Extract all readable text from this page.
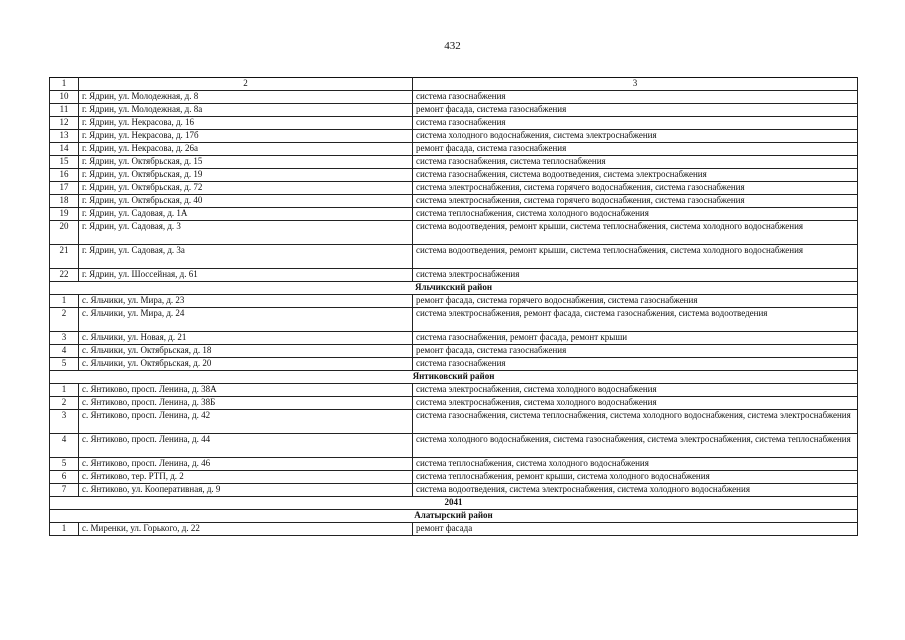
432
1	2	3
10	г. Ядрин, ул. Молодежная, д. 8	система газоснабжения
11	г. Ядрин, ул. Молодежная, д. 8а	ремонт фасада, система газоснабжения
12	г. Ядрин, ул. Некрасова, д. 16	система газоснабжения
13	г. Ядрин, ул. Некрасова, д. 17б	система холодного водоснабжения, система электроснабжения
14	г. Ядрин, ул. Некрасова, д. 26а	ремонт фасада, система газоснабжения
15	г. Ядрин, ул. Октябрьская, д. 15	система газоснабжения, система теплоснабжения
16	г. Ядрин, ул. Октябрьская, д. 19	система газоснабжения, система водоотведения, система электроснабжения
17	г. Ядрин, ул. Октябрьская, д. 72	система электроснабжения, система горячего водоснабжения, система газоснабжения
18	г. Ядрин, ул. Октябрьская, д. 40	система электроснабжения, система горячего водоснабжения, система газоснабжения
19	г. Ядрин, ул. Садовая, д. 1А	система теплоснабжения, система холодного водоснабжения
20	г. Ядрин, ул. Садовая, д. 3	система водоотведения, ремонт крыши, система теплоснабжения, система холодного водоснабжения
21	г. Ядрин, ул. Садовая, д. 3а	система водоотведения, ремонт крыши, система теплоснабжения, система холодного водоснабжения
22	г. Ядрин, ул. Шоссейная, д. 61	система электроснабжения
Яльчикский район		
1	с. Яльчики, ул. Мира, д. 23	ремонт фасада, система горячего водоснабжения, система газоснабжения
2	с. Яльчики, ул. Мира, д. 24	система электроснабжения, ремонт фасада, система газоснабжения, система водоотведения
3	с. Яльчики, ул. Новая, д. 21	система газоснабжения, ремонт фасада, ремонт крыши
4	с. Яльчики, ул. Октябрьская, д. 18	ремонт фасада, система газоснабжения
5	с. Яльчики, ул. Октябрьская, д. 20	система газоснабжения
Янтиковский район		
1	с. Янтиково, просп. Ленина, д. 38А	система электроснабжения, система холодного водоснабжения
2	с. Янтиково, просп. Ленина, д. 38Б	система электроснабжения, система холодного водоснабжения
3	с. Янтиково, просп. Ленина, д. 42	система газоснабжения, система теплоснабжения, система холодного водоснабжения, система электроснабжения
4	с. Янтиково, просп. Ленина, д. 44	система холодного водоснабжения, система газоснабжения, система электроснабжения, система теплоснабжения
5	с. Янтиково, просп. Ленина, д. 46	система теплоснабжения, система холодного водоснабжения
6	с. Янтиково, тер. РТП, д. 2	система теплоснабжения, ремонт крыши, система холодного водоснабжения
7	с. Янтиково, ул. Кооперативная, д. 9	система водоотведения, система электроснабжения, система холодного водоснабжения
2041		
Алатырский район		
1	с. Миренки, ул. Горького, д. 22	ремонт фасада
